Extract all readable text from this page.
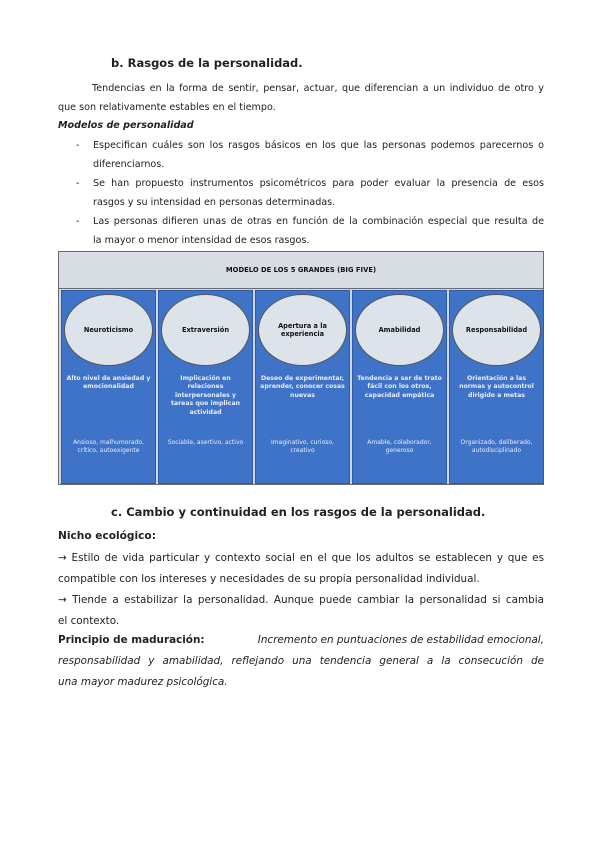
b. Rasgos de la personalidad.
Tendencias en la forma de sentir, pensar, actuar, que diferencian a un individuo de otro y
que son relativamente estables en el tiempo.
Modelos de personalidad
- Especifican cuáles son los rasgos básicos en los que las personas podemos parecernos o
diferenciarnos.
- Se han propuesto instrumentos psicométricos para poder evaluar la presencia de esos
rasgos y su intensidad en personas determinadas.
- Las personas difieren unas de otras en función de la combinación especial que resulta de
la mayor o menor intensidad de esos rasgos.
MODELO DE LOS 5 GRANDES (BIG FIVE)
Neuroticismo
Alto nivel de ansiedad y emocionalidad
Ansioso, malhumorado, crítico, autoexigente
Extraversión
Implicación en relaciones interpersonales y tareas que implican actividad
Sociable, asertivo, activo
Apertura a la experiencia
Deseo de experimentar, aprender, conocer cosas nuevas
Imaginativo, curioso, creativo
Amabilidad
Tendencia a ser de trato fácil con los otros, capacidad empática
Amable, colaborador, generoso
Responsabilidad
Orientación a las normas y autocontrol dirigido a metas
Organizado, deliberado, autodisciplinado
c. Cambio y continuidad en los rasgos de la personalidad.
Nicho ecológico:
→ Estilo de vida particular y contexto social en el que los adultos se establecen y que es
compatible con los intereses y necesidades de su propia personalidad individual.
→ Tiende a estabilizar la personalidad. Aunque puede cambiar la personalidad si cambia
el contexto.
Principio de maduración:	Incremento en puntuaciones de estabilidad emocional,
responsabilidad y amabilidad, reflejando una tendencia general a la consecución de
una mayor madurez psicológica.
